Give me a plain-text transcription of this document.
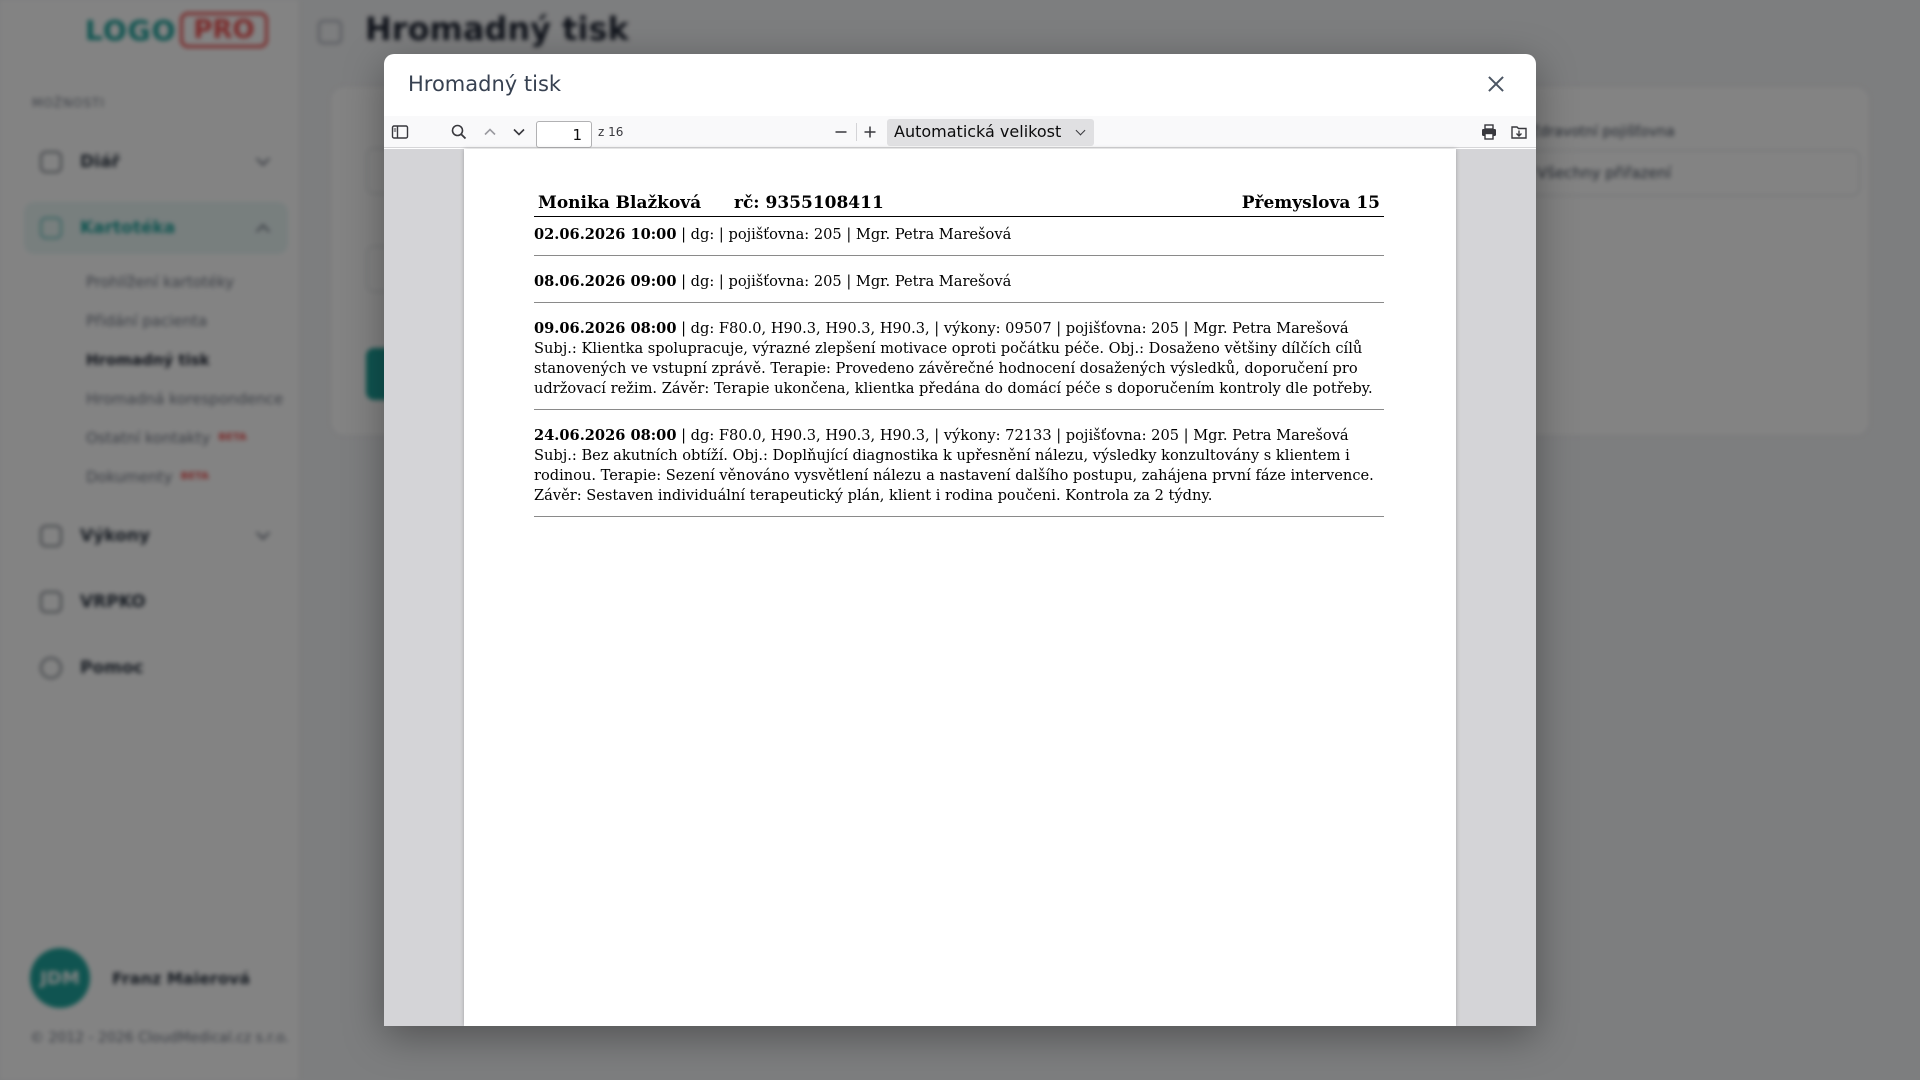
Hromadný tisk
1
z 16	Automatická velikost
Monika Blažková rč: 9355108411	Přemyslova 15
02.06.2026 10:00 | dg: | pojišťovna: 205 | Mgr. Petra Marešová
08.06.2026 09:00 | dg: | pojišťovna: 205 | Mgr. Petra Marešová
09.06.2026 08:00 | dg: F80.0, H90.3, H90.3, H90.3, | výkony: 09507 | pojišťovna: 205 | Mgr. Petra Marešová
Subj.: Klientka spolupracuje, výrazné zlepšení motivace oproti počátku péče. Obj.: Dosaženo většiny dílčích cílů stanovených ve vstupní zprávě. Terapie: Provedeno závěrečné hodnocení dosažených výsledků, doporučení pro udržovací režim. Závěr: Terapie ukončena, klientka předána do domácí péče s doporučením kontroly dle potřeby.
24.06.2026 08:00 | dg: F80.0, H90.3, H90.3, H90.3, | výkony: 72133 | pojišťovna: 205 | Mgr. Petra Marešová
Subj.: Bez akutních obtíží. Obj.: Doplňující diagnostika k upřesnění nálezu, výsledky konzultovány s klientem i rodinou. Terapie: Sezení věnováno vysvětlení nálezu a nastavení dalšího postupu, zahájena první fáze intervence. Závěr: Sestaven individuální terapeutický plán, klient i rodina poučeni. Kontrola za 2 týdny.
